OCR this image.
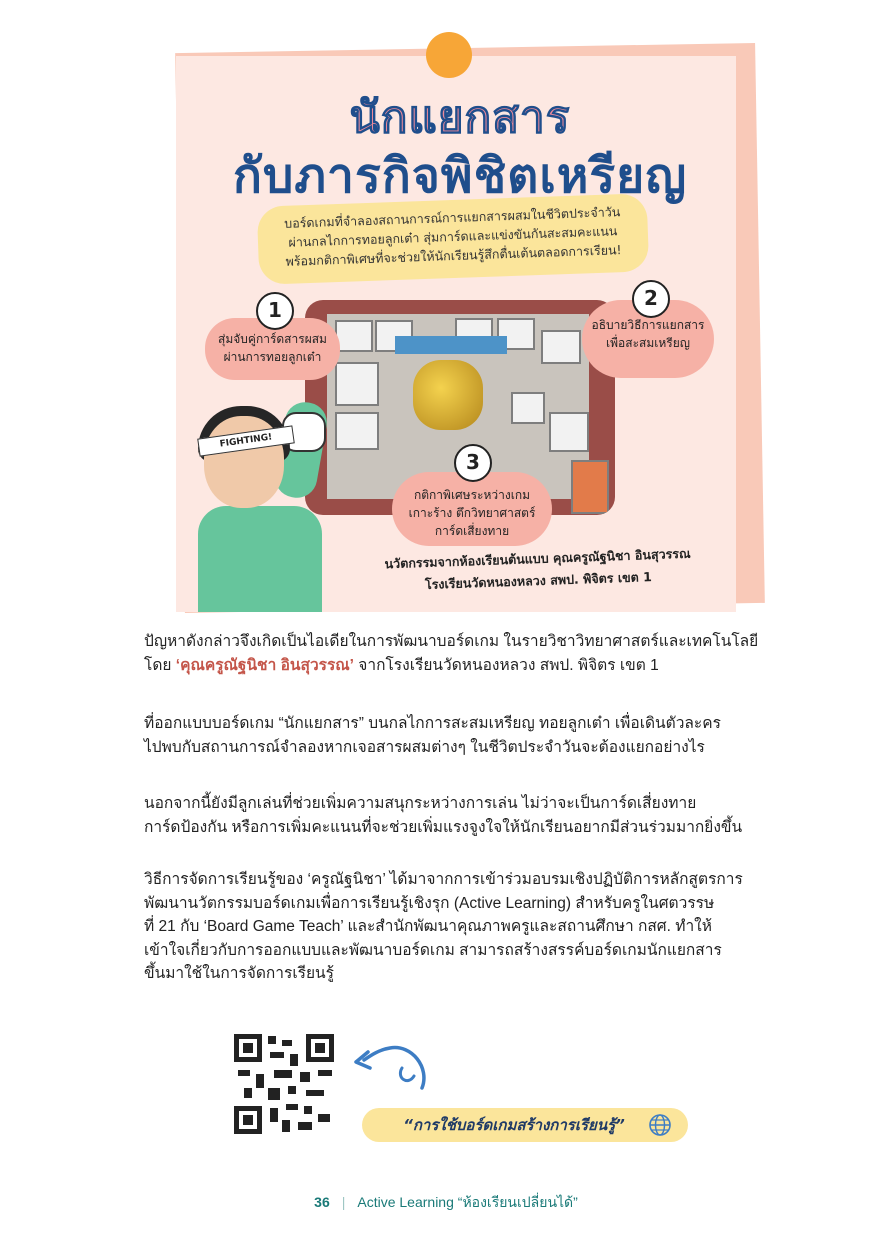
นักแยกสาร
กับภารกิจพิชิตเหรียญ
บอร์ดเกมที่จำลองสถานการณ์การแยกสารผสมในชีวิตประจำวัน
ผ่านกลไกการทอยลูกเต๋า สุ่มการ์ดและแข่งขันกันสะสมคะแนน
พร้อมกติกาพิเศษที่จะช่วยให้นักเรียนรู้สึกตื่นเต้นตลอดการเรียน!
สุ่มจับคู่การ์ดสารผสม
ผ่านการทอยลูกเต๋า
1
อธิบายวิธีการแยกสาร
เพื่อสะสมเหรียญ
2
กติกาพิเศษระหว่างเกม
เกาะร้าง ตึกวิทยาศาสตร์
การ์ดเสี่ยงทาย
3
FIGHTING!
นวัตกรรมจากห้องเรียนต้นแบบ คุณครูณัฐนิชา อินสุวรรณ
โรงเรียนวัดหนองหลวง สพป. พิจิตร เขต 1
ปัญหาดังกล่าวจึงเกิดเป็นไอเดียในการพัฒนาบอร์ดเกม ในรายวิชาวิทยาศาสตร์และเทคโนโลยี
โดย ‘คุณครูณัฐนิชา อินสุวรรณ’ จากโรงเรียนวัดหนองหลวง สพป. พิจิตร เขต 1
ที่ออกแบบบอร์ดเกม “นักแยกสาร” บนกลไกการสะสมเหรียญ ทอยลูกเต๋า เพื่อเดินตัวละคร
ไปพบกับสถานการณ์จำลองหากเจอสารผสมต่างๆ ในชีวิตประจำวันจะต้องแยกอย่างไร
นอกจากนี้ยังมีลูกเล่นที่ช่วยเพิ่มความสนุกระหว่างการเล่น ไม่ว่าจะเป็นการ์ดเสี่ยงทาย
การ์ดป้องกัน หรือการเพิ่มคะแนนที่จะช่วยเพิ่มแรงจูงใจให้นักเรียนอยากมีส่วนร่วมมากยิ่งขึ้น
วิธีการจัดการเรียนรู้ของ ‘ครูณัฐนิชา’ ได้มาจากการเข้าร่วมอบรมเชิงปฏิบัติการหลักสูตรการ
พัฒนานวัตกรรมบอร์ดเกมเพื่อการเรียนรู้เชิงรุก (Active Learning) สำหรับครูในศตวรรษ
ที่ 21 กับ ‘Board Game Teach’ และสำนักพัฒนาคุณภาพครูและสถานศึกษา กสศ. ทำให้
เข้าใจเกี่ยวกับการออกแบบและพัฒนาบอร์ดเกม สามารถสร้างสรรค์บอร์ดเกมนักแยกสาร
ขึ้นมาใช้ในการจัดการเรียนรู้
“การใช้บอร์ดเกมสร้างการเรียนรู้”
36 | Active Learning “ห้องเรียนเปลี่ยนได้”
